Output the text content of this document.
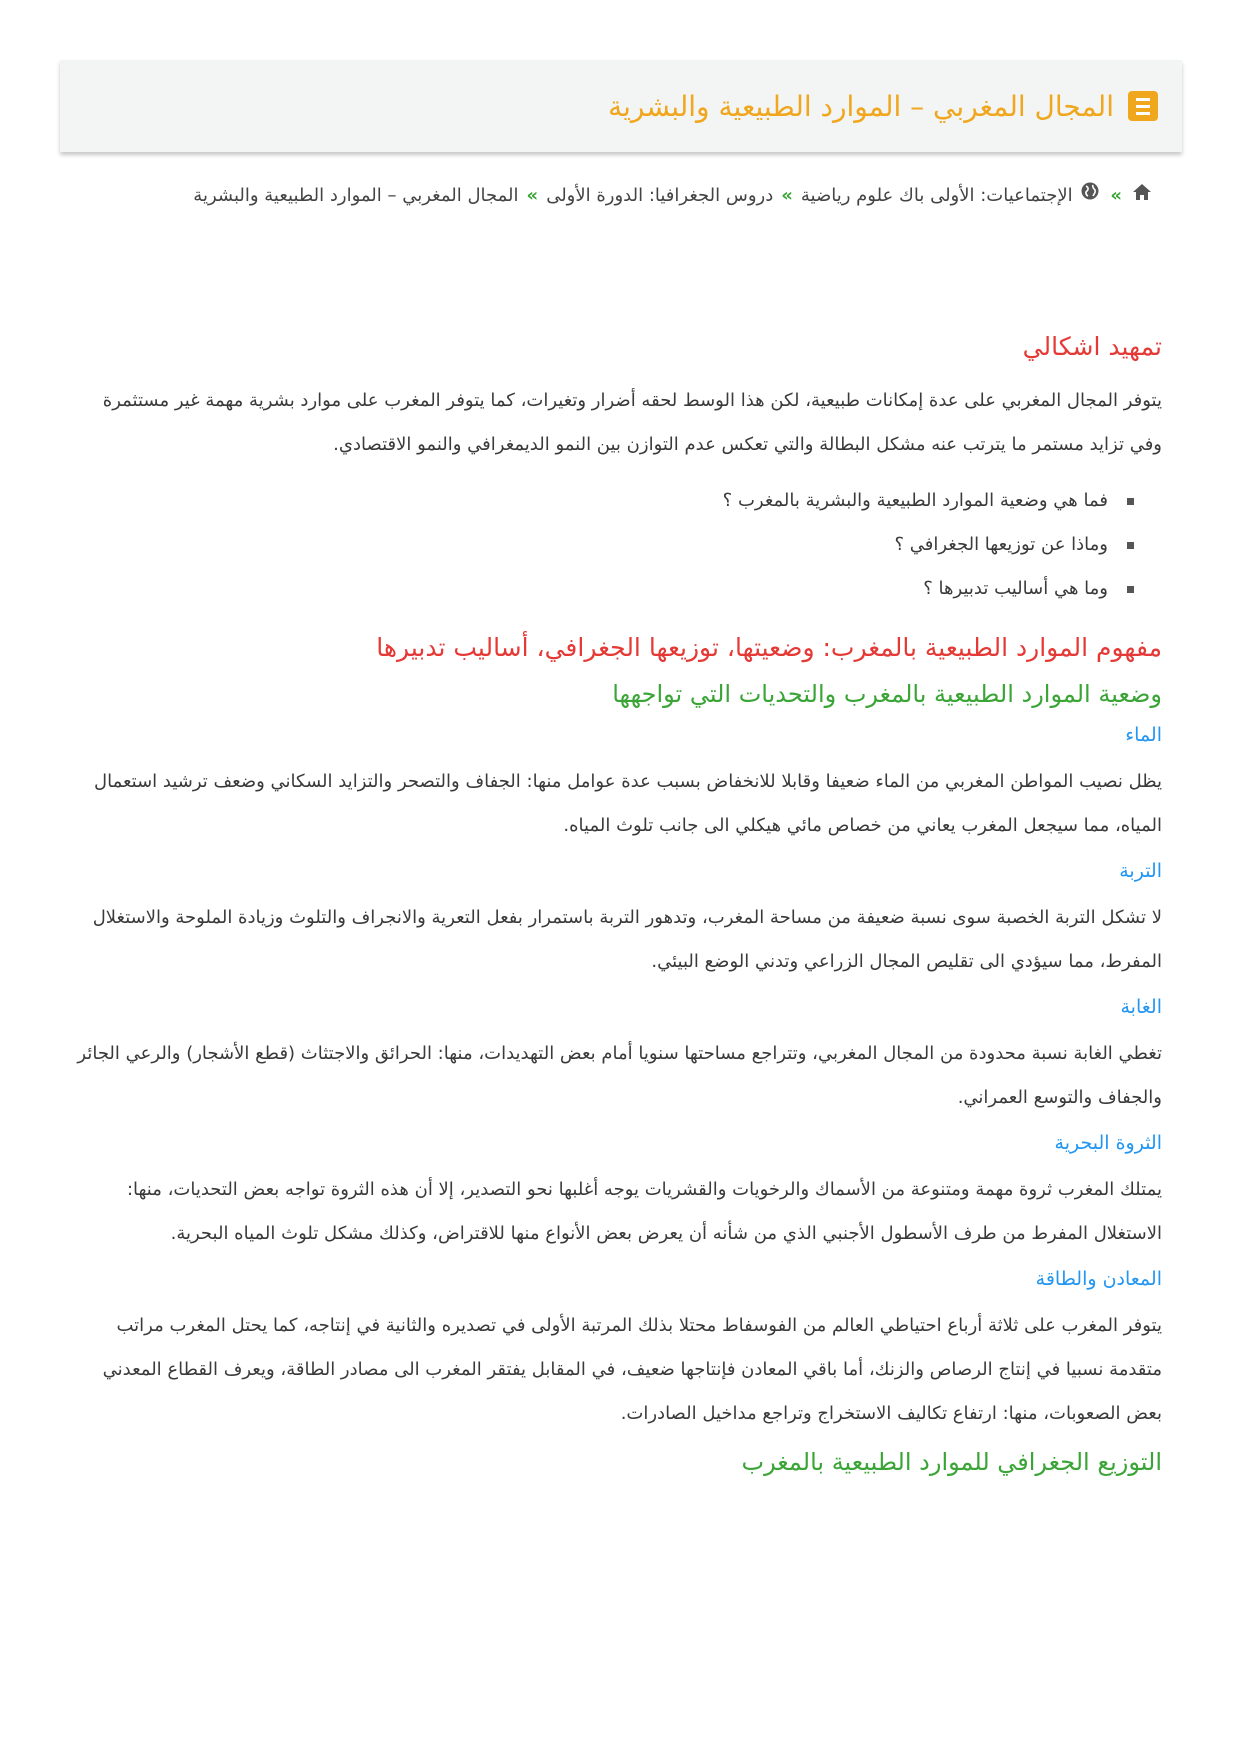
المجال المغربي – الموارد الطبيعية والبشرية
» الإجتماعيات: الأولى باك علوم رياضية»دروس الجغرافيا: الدورة الأولى»المجال المغربي – الموارد الطبيعية والبشرية
تمهيد اشكالي

يتوفر المجال المغربي على عدة إمكانات طبيعية، لكن هذا الوسط لحقه أضرار وتغيرات، كما يتوفر المغرب على موارد بشرية مهمة غير مستثمرة وفي تزايد مستمر ما يترتب عنه مشكل البطالة والتي تعكس عدم التوازن بين النمو الديمغرافي والنمو الاقتصادي.

فما هي وضعية الموارد الطبيعية والبشرية بالمغرب ؟
وماذا عن توزيعها الجغرافي ؟
وما هي أساليب تدبيرها ؟
مفهوم الموارد الطبيعية بالمغرب: وضعيتها، توزيعها الجغرافي، أساليب تدبيرها
وضعية الموارد الطبيعية بالمغرب والتحديات التي تواجهها
الماء

يظل نصيب المواطن المغربي من الماء ضعيفا وقابلا للانخفاض بسبب عدة عوامل منها: الجفاف والتصحر والتزايد السكاني وضعف ترشيد استعمال المياه، مما سيجعل المغرب يعاني من خصاص مائي هيكلي الى جانب تلوث المياه.

التربة

لا تشكل التربة الخصبة سوى نسبة ضعيفة من مساحة المغرب، وتدهور التربة باستمرار بفعل التعرية والانجراف والتلوث وزيادة الملوحة والاستغلال المفرط، مما سيؤدي الى تقليص المجال الزراعي وتدني الوضع البيئي.

الغابة

تغطي الغابة نسبة محدودة من المجال المغربي، وتتراجع مساحتها سنويا أمام بعض التهديدات، منها: الحرائق والاجتثاث (قطع الأشجار) والرعي الجائر والجفاف والتوسع العمراني.

الثروة البحرية

يمتلك المغرب ثروة مهمة ومتنوعة من الأسماك والرخويات والقشريات يوجه أغلبها نحو التصدير، إلا أن هذه الثروة تواجه بعض التحديات، منها: الاستغلال المفرط من طرف الأسطول الأجنبي الذي من شأنه أن يعرض بعض الأنواع منها للاقتراض، وكذلك مشكل تلوث المياه البحرية.

المعادن والطاقة

يتوفر المغرب على ثلاثة أرباع احتياطي العالم من الفوسفاط محتلا بذلك المرتبة الأولى في تصديره والثانية في إنتاجه، كما يحتل المغرب مراتب متقدمة نسبيا في إنتاج الرصاص والزنك، أما باقي المعادن فإنتاجها ضعيف، في المقابل يفتقر المغرب الى مصادر الطاقة، ويعرف القطاع المعدني بعض الصعوبات، منها: ارتفاع تكاليف الاستخراج وتراجع مداخيل الصادرات.

التوزيع الجغرافي للموارد الطبيعية بالمغرب
